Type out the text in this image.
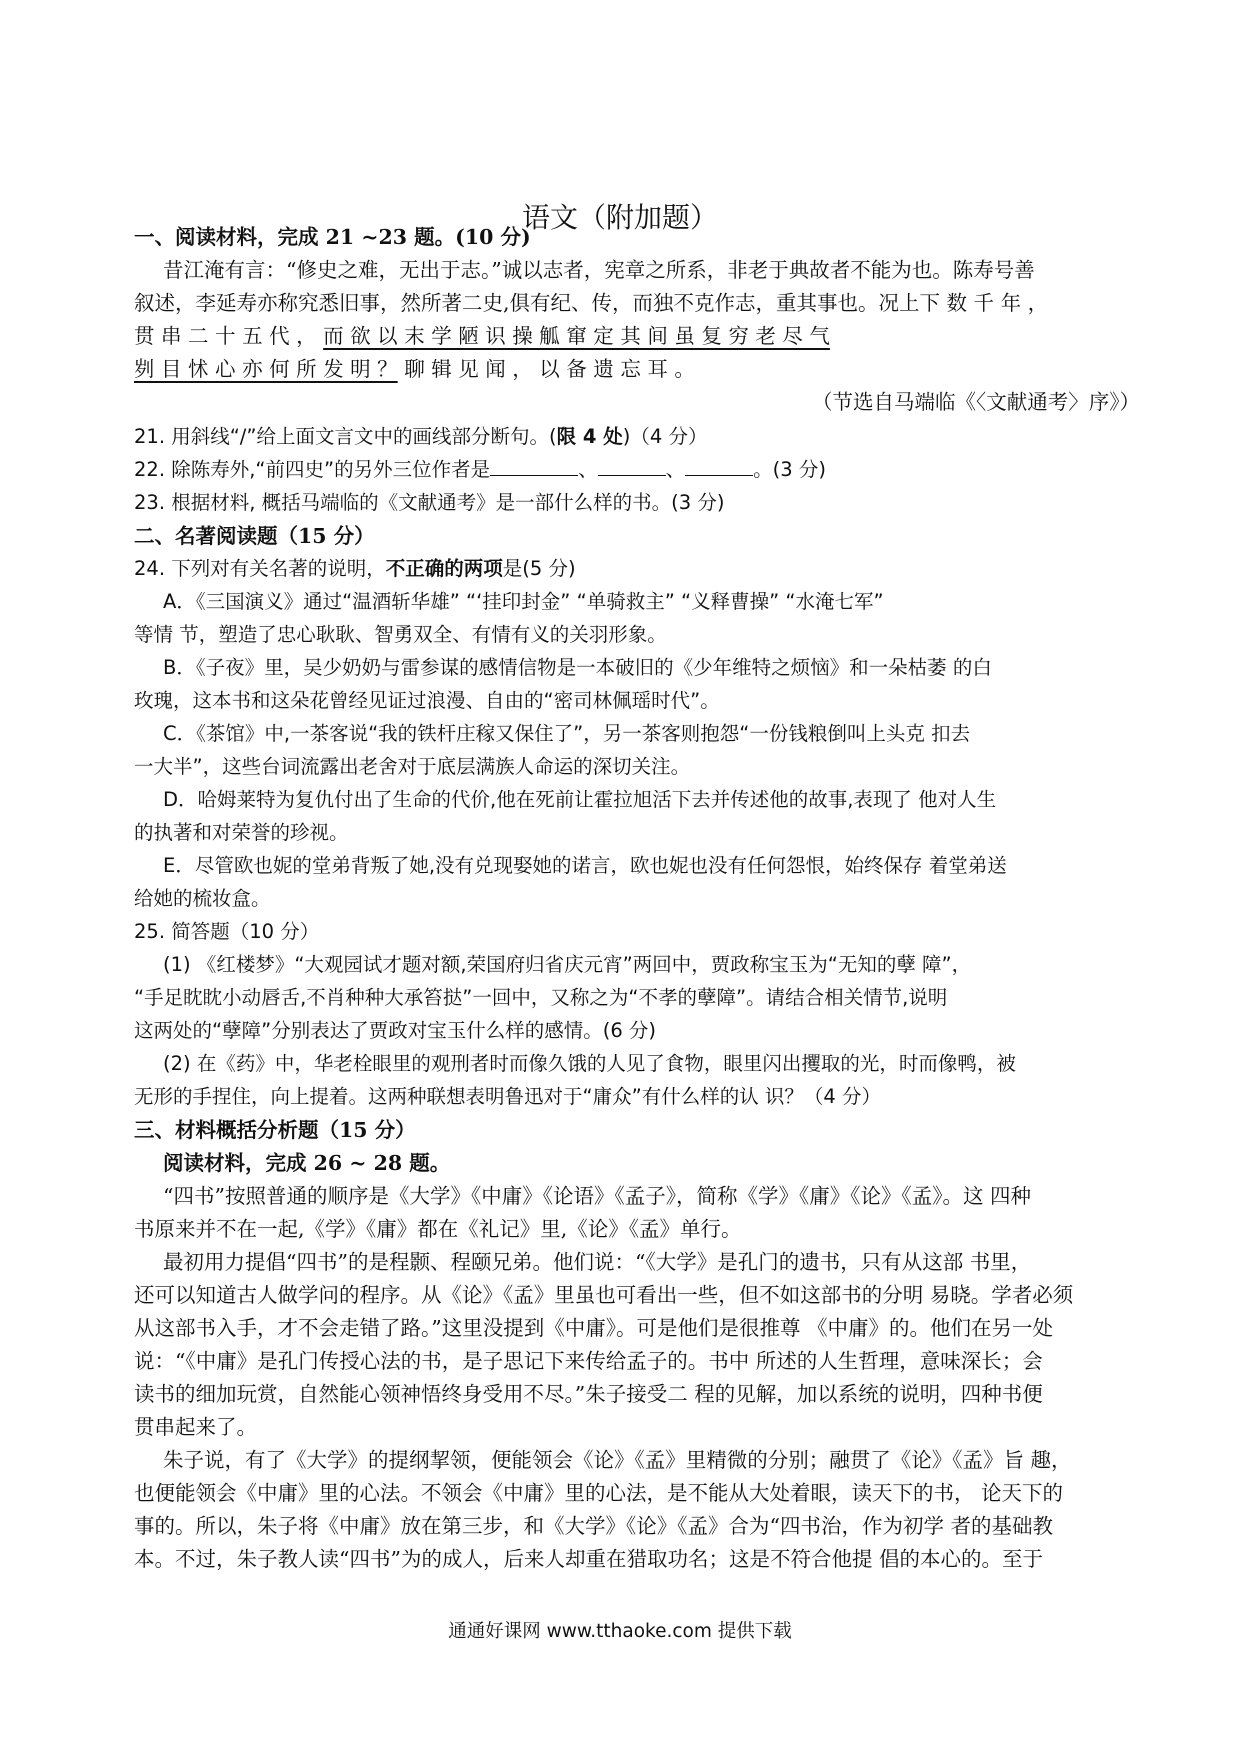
语文（附加题）
一、阅读材料，完成 21 ~23 题。(10 分)
昔江淹有言：“修史之难，无出于志。”诚以志者，宪章之所系，非老于典故者不能为也。陈寿号善
叙述，李延寿亦称究悉旧事，然所著二史,俱有纪、传，而独不克作志，重其事也。况上下 数 千 年 ，
贯 串 二 十 五 代 ， 而 欲 以 末 学 陋 识 操 觚 窜 定 其 间 虽 复 穷 老 尽 气
刿 目 怵 心 亦 何 所 发 明 ？ 聊 辑 见 闻 ， 以 备 遗 忘 耳 。
（节选自马端临《〈文献通考〉序》）
21. 用斜线“/”给上面文言文中的画线部分断句。(限 4 处)（4 分）
22. 除陈寿外,“前四史”的另外三位作者是	、	、	。(3 分)
23. 根据材料, 概括马端临的《文献通考》是一部什么样的书。(3 分)
二、名著阅读题（15 分）
24. 下列对有关名著的说明，不正确的两项是(5 分)
A．《三国演义》通过“温酒斩华雄” “‘挂印封金” “单骑救主” “义释曹操” “水淹七军”
等情 节，塑造了忠心耿耿、智勇双全、有情有义的关羽形象。
B．《子夜》里，吴少奶奶与雷参谋的感情信物是一本破旧的《少年维特之烦恼》和一朵枯萎 的白
玫瑰，这本书和这朵花曾经见证过浪漫、自由的“密司林佩瑶时代”。
C．《茶馆》中,一茶客说“我的铁杆庄稼又保住了”，另一茶客则抱怨“一份钱粮倒叫上头克 扣去
一大半”，这些台词流露出老舍对于底层满族人命运的深切关注。
D．哈姆莱特为复仇付出了生命的代价,他在死前让霍拉旭活下去并传述他的故事,表现了 他对人生
的执著和对荣誉的珍视。
E．尽管欧也妮的堂弟背叛了她,没有兑现娶她的诺言，欧也妮也没有任何怨恨，始终保存 着堂弟送
给她的梳妆盒。
25. 简答题（10 分）
(1) 《红楼梦》“大观园试才题对额,荣国府归省庆元宵”两回中，贾政称宝玉为“无知的孽 障”，
“手足眈眈小动唇舌,不肖种种大承笞挞”一回中，又称之为“不孝的孽障”。请结合相关情节,说明
这两处的“孽障”分别表达了贾政对宝玉什么样的感情。(6 分)
(2) 在《药》中，华老栓眼里的观刑者时而像久饿的人见了食物，眼里闪出攫取的光，时而像鸭，被
无形的手捏住，向上提着。这两种联想表明鲁迅对于“庸众”有什么样的认 识？（4 分）
三、材料概括分析题（15 分）
阅读材料，完成 26 ~ 28 题。
“四书”按照普通的顺序是《大学》《中庸》《论语》《孟子》，简称《学》《庸》《论》《孟》。这 四种
书原来并不在一起,《学》《庸》都在《礼记》里,《论》《孟》单行。
最初用力提倡“四书”的是程颢、程颐兄弟。他们说：“《大学》是孔门的遗书，只有从这部 书里，
还可以知道古人做学问的程序。从《论》《孟》里虽也可看出一些，但不如这部书的分明 易晓。学者必须
从这部书入手，才不会走错了路。”这里没提到《中庸》。可是他们是很推尊 《中庸》的。他们在另一处
说：“《中庸》是孔门传授心法的书，是子思记下来传给孟子的。书中 所述的人生哲理，意味深长；会
读书的细加玩赏，自然能心领神悟终身受用不尽。”朱子接受二 程的见解，加以系统的说明，四种书便
贯串起来了。
朱子说，有了《大学》的提纲挈领，便能领会《论》《孟》里精微的分别；融贯了《论》《孟》旨 趣，
也便能领会《中庸》里的心法。不领会《中庸》里的心法，是不能从大处着眼，读天下的书， 论天下的
事的。所以，朱子将《中庸》放在第三步，和《大学》《论》《孟》合为“四书治，作为初学 者的基础教
本。不过，朱子教人读“四书”为的成人，后来人却重在猎取功名；这是不符合他提 倡的本心的。至于
通通好课网 www.tthaoke.com 提供下载
